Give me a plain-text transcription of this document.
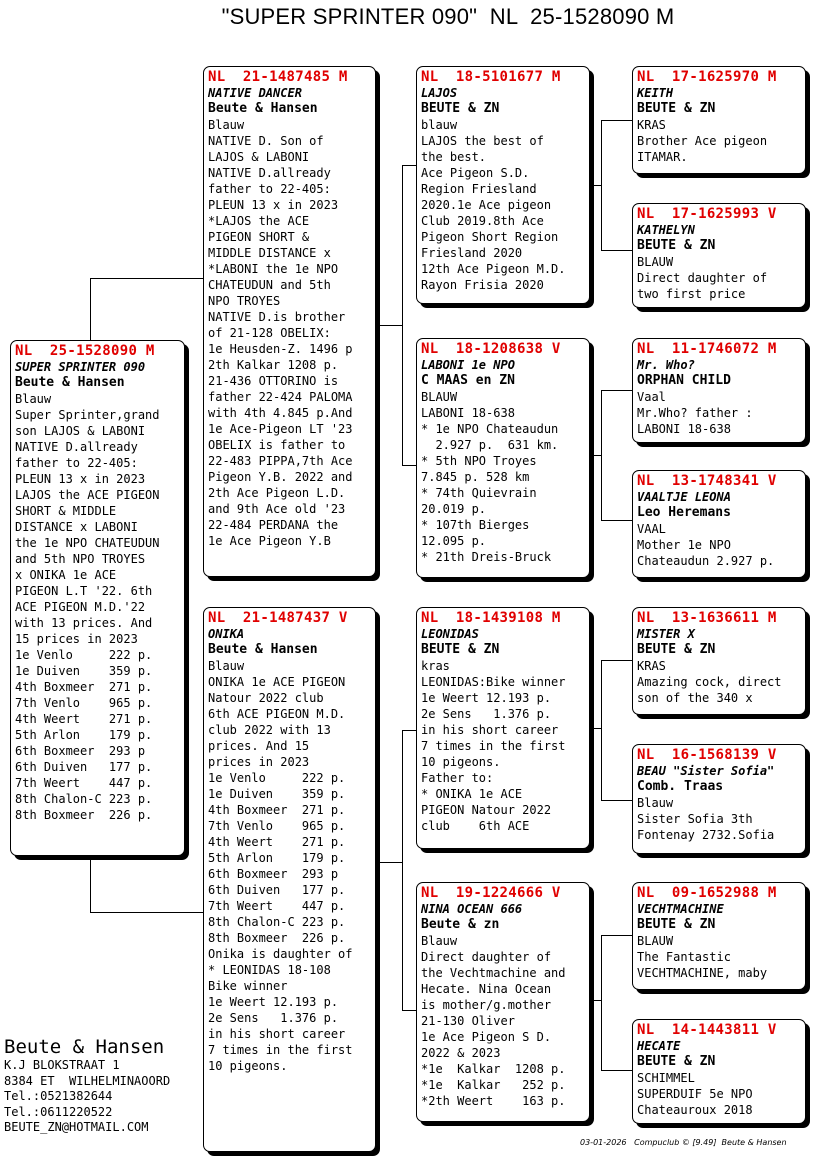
"SUPER SPRINTER 090"  NL  25-1528090 M
NL  25-1528090 M
SUPER SPRINTER 090
Beute & Hansen
Blauw
Super Sprinter,grand
son LAJOS & LABONI
NATIVE D.allready
father to 22-405:
PLEUN 13 x in 2023
LAJOS the ACE PIGEON
SHORT & MIDDLE
DISTANCE x LABONI
the 1e NPO CHATEUDUN
and 5th NPO TROYES
x ONIKA 1e ACE
PIGEON L.T '22. 6th
ACE PIGEON M.D.'22
with 13 prices. And
15 prices in 2023
1e Venlo     222 p.
1e Duiven    359 p.
4th Boxmeer  271 p.
7th Venlo    965 p.
4th Weert    271 p.
5th Arlon    179 p.
6th Boxmeer  293 p
6th Duiven   177 p.
7th Weert    447 p.
8th Chalon-C 223 p.
8th Boxmeer  226 p.
NL  21-1487485 M
NATIVE DANCER
Beute & Hansen
Blauw
NATIVE D. Son of
LAJOS & LABONI
NATIVE D.allready
father to 22-405:
PLEUN 13 x in 2023
*LAJOS the ACE
PIGEON SHORT &
MIDDLE DISTANCE x
*LABONI the 1e NPO
CHATEUDUN and 5th
NPO TROYES
NATIVE D.is brother
of 21-128 OBELIX:
1e Heusden-Z. 1496 p
2th Kalkar 1208 p.
21-436 OTTORINO is
father 22-424 PALOMA
with 4th 4.845 p.And
1e Ace-Pigeon LT '23
OBELIX is father to
22-483 PIPPA,7th Ace
Pigeon Y.B. 2022 and
2th Ace Pigeon L.D.
and 9th Ace old '23
22-484 PERDANA the
1e Ace Pigeon Y.B
NL  21-1487437 V
ONIKA
Beute & Hansen
Blauw
ONIKA 1e ACE PIGEON
Natour 2022 club
6th ACE PIGEON M.D.
club 2022 with 13
prices. And 15
prices in 2023
1e Venlo     222 p.
1e Duiven    359 p.
4th Boxmeer  271 p.
7th Venlo    965 p.
4th Weert    271 p.
5th Arlon    179 p.
6th Boxmeer  293 p
6th Duiven   177 p.
7th Weert    447 p.
8th Chalon-C 223 p.
8th Boxmeer  226 p.
Onika is daughter of
* LEONIDAS 18-108
Bike winner
1e Weert 12.193 p.
2e Sens   1.376 p.
in his short career
7 times in the first
10 pigeons.
NL  18-5101677 M
LAJOS
BEUTE & ZN
blauw
LAJOS the best of
the best.
Ace Pigeon S.D.
Region Friesland
2020.1e Ace pigeon
Club 2019.8th Ace
Pigeon Short Region
Friesland 2020
12th Ace Pigeon M.D.
Rayon Frisia 2020
NL  18-1208638 V
LABONI 1e NPO
C MAAS en ZN
BLAUW
LABONI 18-638
* 1e NPO Chateaudun
2.927 p.  631 km.
* 5th NPO Troyes
7.845 p. 528 km
* 74th Quievrain
20.019 p.
* 107th Bierges
12.095 p.
* 21th Dreis-Bruck
NL  18-1439108 M
LEONIDAS
BEUTE & ZN
kras
LEONIDAS:Bike winner
1e Weert 12.193 p.
2e Sens   1.376 p.
in his short career
7 times in the first
10 pigeons.
Father to:
* ONIKA 1e ACE
PIGEON Natour 2022
club    6th ACE
NL  19-1224666 V
NINA OCEAN 666
Beute & zn
Blauw
Direct daughter of
the Vechtmachine and
Hecate. Nina Ocean
is mother/g.mother
21-130 Oliver
1e Ace Pigeon S D.
2022 & 2023
*1e  Kalkar  1208 p.
*1e  Kalkar   252 p.
*2th Weert    163 p.
NL  17-1625970 M
KEITH
BEUTE & ZN
KRAS
Brother Ace pigeon
ITAMAR.
NL  17-1625993 V
KATHELYN
BEUTE & ZN
BLAUW
Direct daughter of
two first price
NL  11-1746072 M
Mr. Who?
ORPHAN CHILD
Vaal
Mr.Who? father :
LABONI 18-638
NL  13-1748341 V
VAALTJE LEONA
Leo Heremans
VAAL
Mother 1e NPO
Chateaudun 2.927 p.
NL  13-1636611 M
MISTER X
BEUTE & ZN
KRAS
Amazing cock, direct
son of the 340 x
NL  16-1568139 V
BEAU "Sister Sofia"
Comb. Traas
Blauw
Sister Sofia 3th
Fontenay 2732.Sofia
NL  09-1652988 M
VECHTMACHINE
BEUTE & ZN
BLAUW
The Fantastic
VECHTMACHINE, maby
NL  14-1443811 V
HECATE
BEUTE & ZN
SCHIMMEL
SUPERDUIF 5e NPO
Chateauroux 2018
Beute & Hansen
K.J BLOKSTRAAT 1
8384 ET  WILHELMINAOORD
Tel.:0521382644
Tel.:0611220522
BEUTE_ZN@HOTMAIL.COM
03-01-2026   Compuclub © [9.49]  Beute & Hansen
